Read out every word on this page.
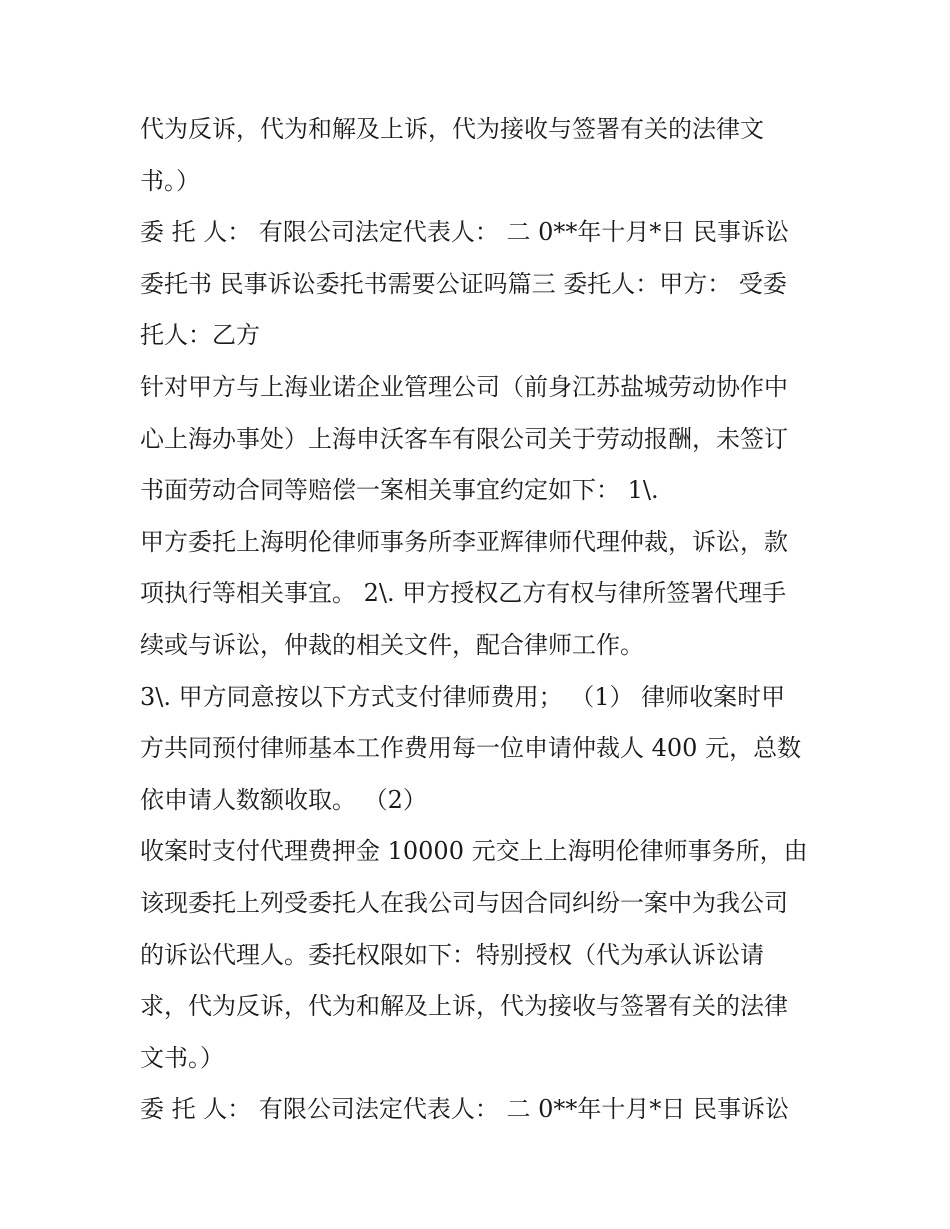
代为反诉，代为和解及上诉，代为接收与签署有关的法律文
书。）
委 托 人： 有限公司法定代表人： 二 0**年十月*日 民事诉讼
委托书 民事诉讼委托书需要公证吗篇三 委托人：甲方： 受委
托人：乙方
针对甲方与上海业诺企业管理公司（前身江苏盐城劳动协作中
心上海办事处）上海申沃客车有限公司关于劳动报酬，未签订
书面劳动合同等赔偿一案相关事宜约定如下： 1\.
甲方委托上海明伦律师事务所李亚辉律师代理仲裁，诉讼，款
项执行等相关事宜。 2\. 甲方授权乙方有权与律所签署代理手
续或与诉讼，仲裁的相关文件，配合律师工作。
3\. 甲方同意按以下方式支付律师费用； （1） 律师收案时甲
方共同预付律师基本工作费用每一位申请仲裁人 400 元，总数
依申请人数额收取。 （2）
收案时支付代理费押金 10000 元交上上海明伦律师事务所，由
该现委托上列受委托人在我公司与因合同纠纷一案中为我公司
的诉讼代理人。委托权限如下：特别授权（代为承认诉讼请
求，代为反诉，代为和解及上诉，代为接收与签署有关的法律
文书。）
委 托 人： 有限公司法定代表人： 二 0**年十月*日 民事诉讼
